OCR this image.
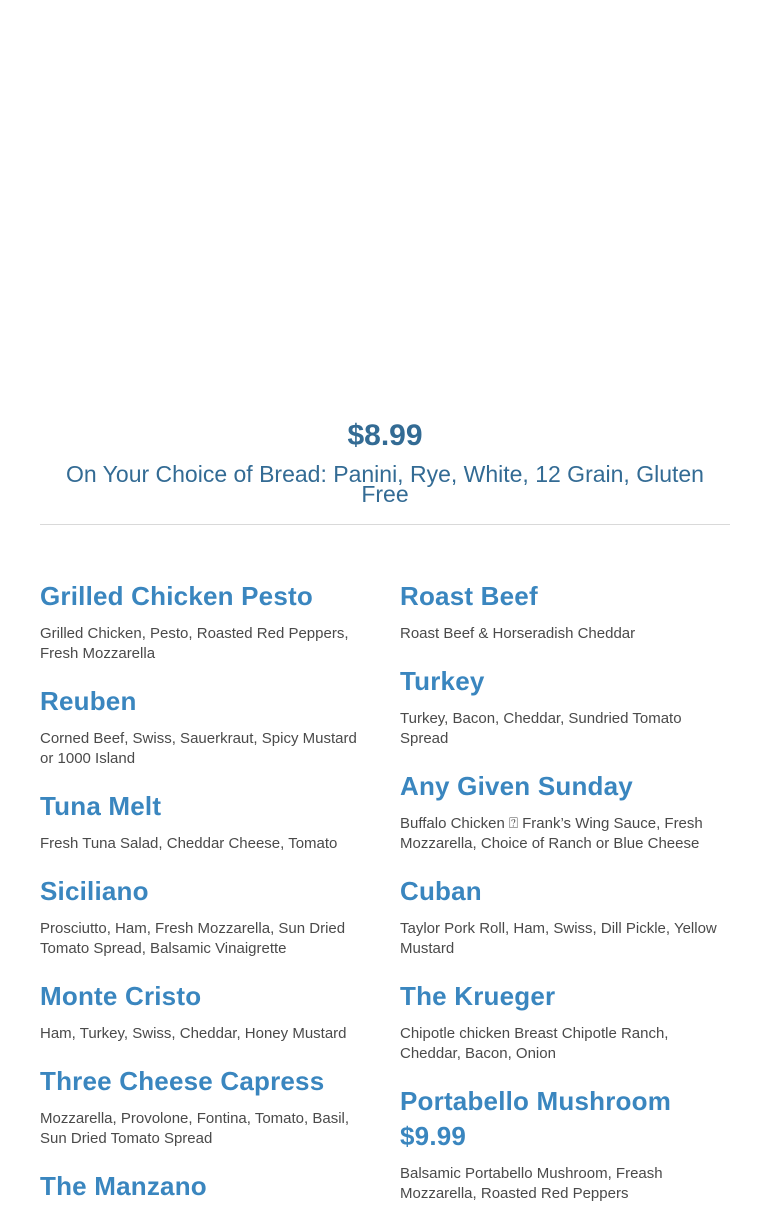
$8.99

On Your Choice of Bread: Panini, Rye, White, 12 Grain, Gluten Free

Grilled Chicken Pesto

Grilled Chicken, Pesto, Roasted Red Peppers, Fresh Mozzarella

Reuben

Corned Beef, Swiss, Sauerkraut, Spicy Mustard or 1000 Island

Tuna Melt

Fresh Tuna Salad, Cheddar Cheese, Tomato

Siciliano

Prosciutto, Ham, Fresh Mozzarella, Sun Dried Tomato Spread, Balsamic Vinaigrette

Monte Cristo

Ham, Turkey, Swiss, Cheddar, Honey Mustard

Three Cheese Capress

Mozzarella, Provolone, Fontina, Tomato, Basil, Sun Dried Tomato Spread

The Manzano
Roast Beef

Roast Beef & Horseradish Cheddar

Turkey

Turkey, Bacon, Cheddar, Sundried Tomato Spread

Any Given Sunday

Buffalo Chicken ⍰ Frank’s Wing Sauce, Fresh Mozzarella, Choice of Ranch or Blue Cheese

Cuban

Taylor Pork Roll, Ham, Swiss, Dill Pickle, Yellow Mustard

The Krueger

Chipotle chicken Breast Chipotle Ranch, Cheddar, Bacon, Onion

Portabello Mushroom $9.99

Balsamic Portabello Mushroom, Freash Mozzarella, Roasted Red Peppers
